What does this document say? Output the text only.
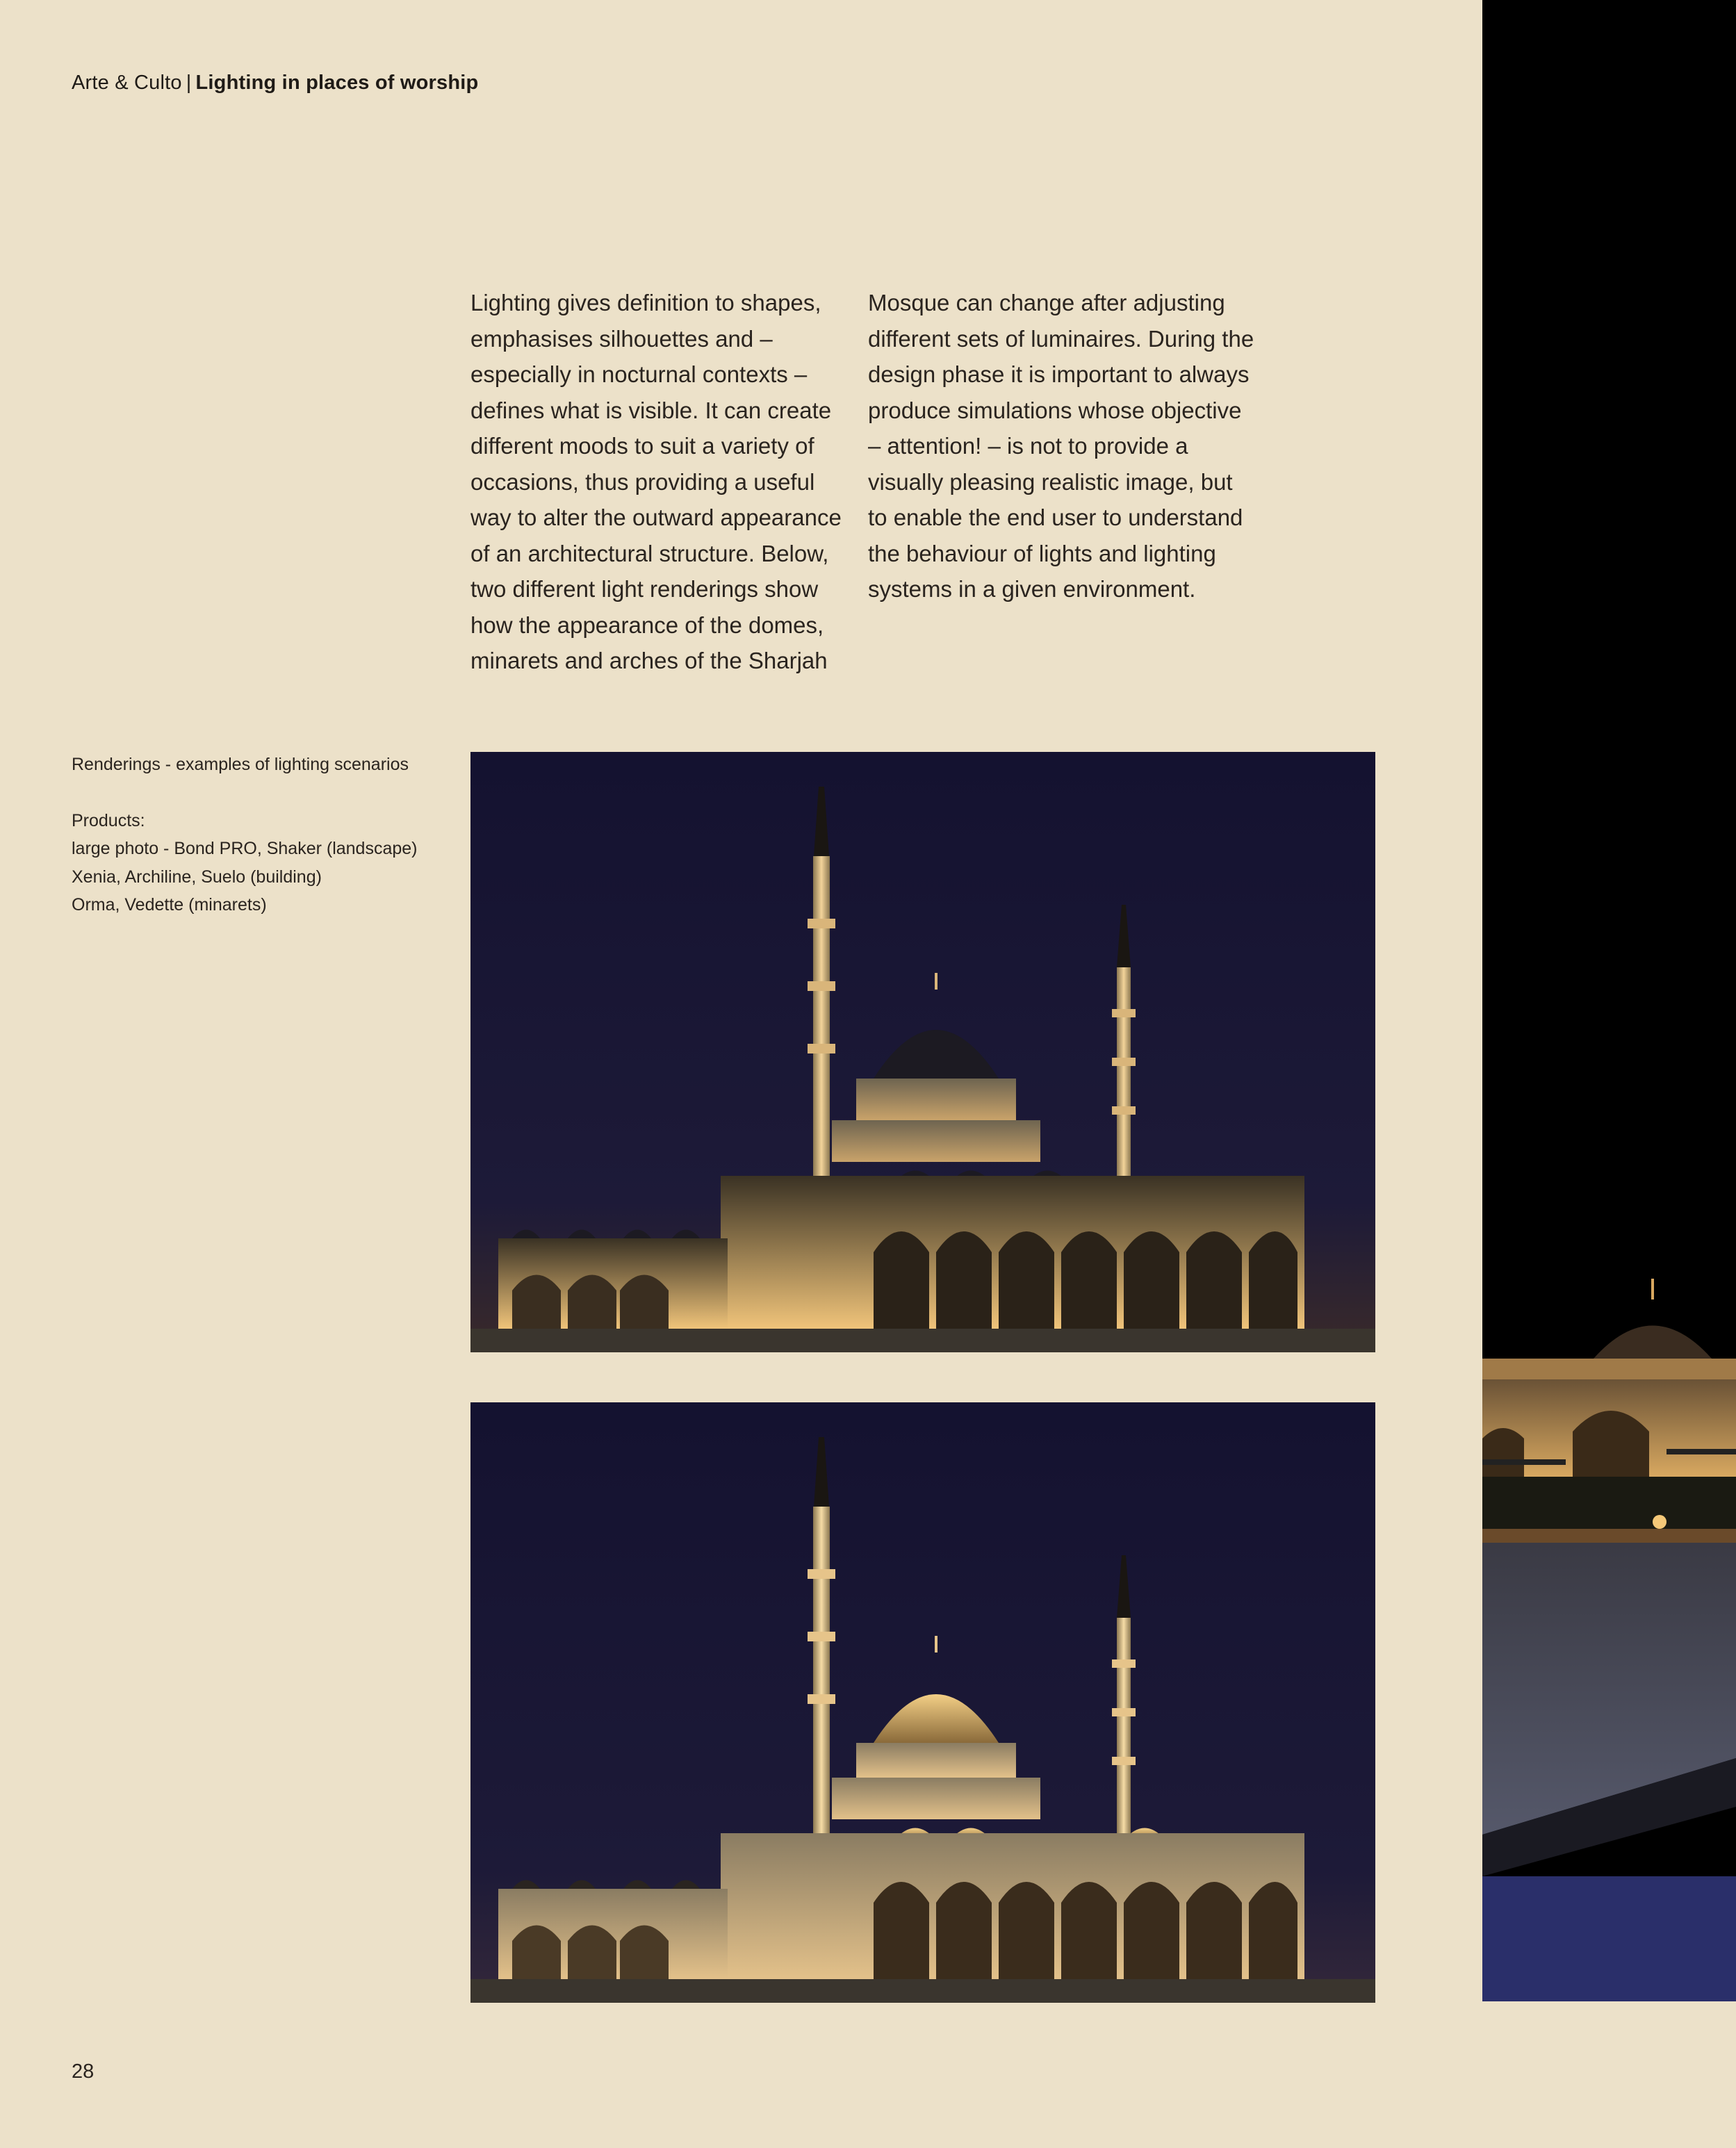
Arte & Culto | Lighting in places of worship
Lighting gives definition to shapes, emphasises silhouettes and – especially in nocturnal contexts – defines what is visible. It can create different moods to suit a variety of occasions, thus providing a useful way to alter the outward appearance of an architectural structure. Below, two different light renderings show how the appearance of the domes, minarets and arches of the Sharjah
Mosque can change after adjusting different sets of luminaires. During the design phase it is important to always produce simulations whose objective – attention! – is not to provide a visually pleasing realistic image, but to enable the end user to understand the behaviour of lights and lighting systems in a given environment.

Renderings - examples of lighting scenarios

Products:

large photo - Bond PRO, Shaker (landscape)

Xenia, Archiline, Suelo (building)

Orma, Vedette (minarets)

28
